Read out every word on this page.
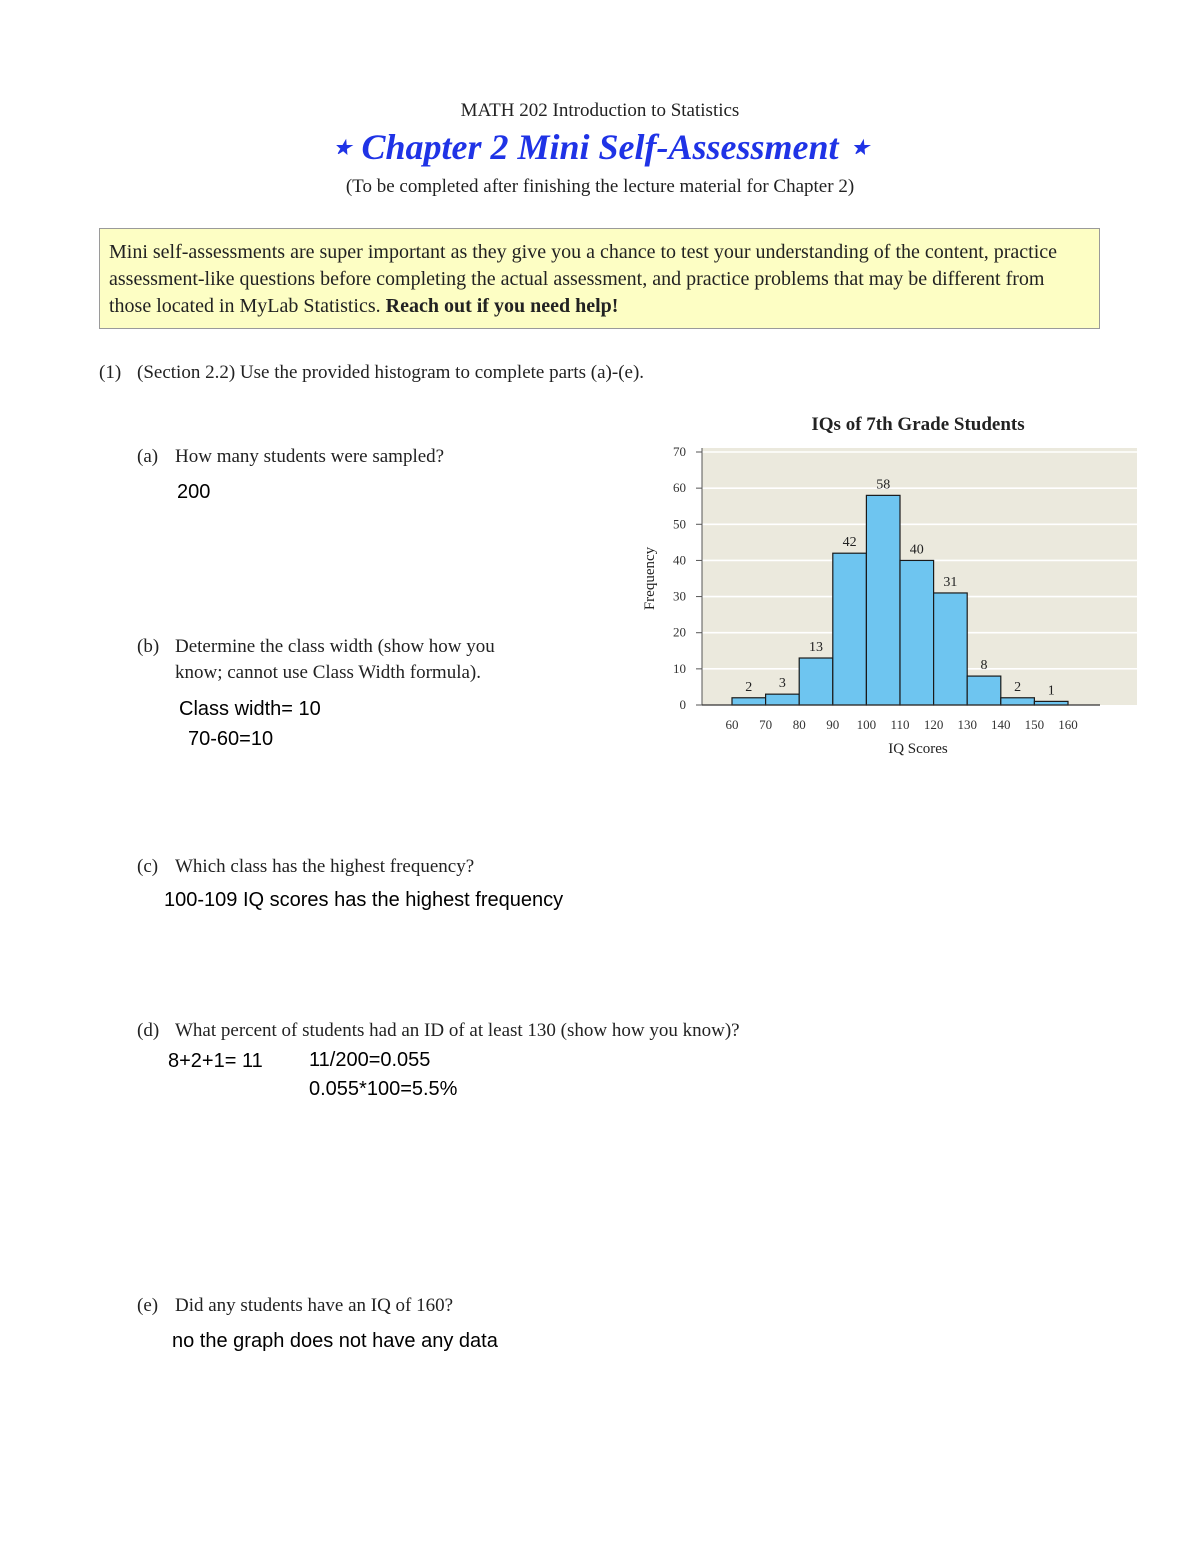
MATH 202 Introduction to Statistics
⋆ Chapter 2 Mini Self-Assessment ⋆
(To be completed after finishing the lecture material for Chapter 2)
Mini self-assessments are super important as they give you a chance to test your understanding of the content, practice assessment-like questions before completing the actual assessment, and practice problems that may be different from those located in MyLab Statistics. Reach out if you need help!
(1) (Section 2.2) Use the provided histogram to complete parts (a)-(e).
(a) How many students were sampled?
200
(b) Determine the class width (show how you
know; cannot use Class Width formula).
Class width= 10
70-60=10
(c) Which class has the highest frequency?
100-109 IQ scores has the highest frequency
(d) What percent of students had an ID of at least 130 (show how you know)?
8+2+1= 11 11/200=0.055
0.055*100=5.5%
(e) Did any students have an IQ of 160?
no the graph does not have any data
IQs of 7th Grade Students
Frequency
IQ Scores
0
10
20
30
40
50
60
70
2 3
13
42
58
40
31
8
2 1
60 70 80 90 100 110 120 130 140 150 160
